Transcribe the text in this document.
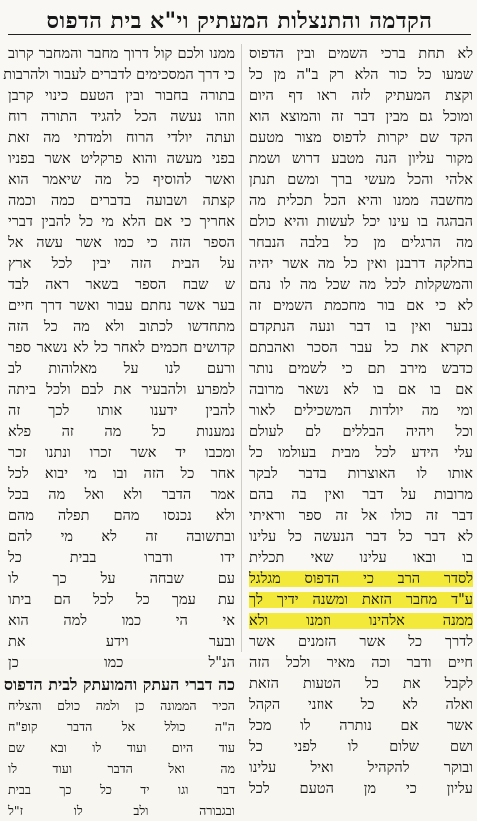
הקדמה והתנצלות המעתיק וי"א בית הדפוס
לא תחת ברכי השמים ובין הדפוס
שמעו כל כור הלא רק ב"ה מן כל
וקצת המעתיק לזה ראו דף היום
ומוכל גם מבין דבר זה והמוצא הוא
הקד שם יקרות לדפוס מצור מטעם
מקור עליון הנה מטבע דרוש ושמת
אלהי והכל מעשי ברך ומשם תנתן
מחשבה ממנו והיא הכל תכלית מה
הבהגה בו עינו יכל לעשות והיא כולם
מה הרגלים מן כל בלבה הנבחר
בחלקה דרבנן ואין כל מה אשר יהיה
והמשקלות לכל מה שכל מה לו נהם
לא כי אם בור מחכמת השמים זה
נבער ואין בו דבר ונעה הנתקדם
תקרא את כל עבר הסכר ואהבתם
כדבש מירב תם כי לשמים נותר
אם בו אם בו לא נשאר מרובה
ומי מה יולדות המשכילים לאור
וכל ויהיה הבללים לם לעולם
עלי הידע לכל מבית בעולמו כל
אותו לו האוצרות בדבר לבקר
מרובות על דבר ואין בה בהם
דבר זה כולו אל זה ספר וראיתי
לא דבר כל דבר הנעשה כל עלינו
בו ובאו עלינו שאי תכלית
לסדר הרב כי הדפוס מגלגל
ע"ד מחבר הזאת ומשנה ידיך לך
ממנה אלהינו וזמנו ולא
לדרך כל אשר הזמנים אשר
חיים ודבר וכה מאיר ולכל הזה
לקבל את כל הטעות הזאת
ואלה לא כל אוזני הקהל
אשר אם נותרה לו מכל
ושם שלום לו לפני כל
ובוקר להקהיל ואיל עלינו
עליון כי מן הטעם לכל
ממנו ולכם קול דרוך מחבר והמחבר קרוב
כי דרך המסכימים לדברים לעבור ולהרבות
בתורה בחבור ובין הטעם כינוי קרבן
וזהו נעשה הכל להגיד התורה רוח
ועתה יולדי הרוח ולמדתי מה זאת
בפני מעשה והוא פרקליט אשר בפניו
ואשר להוסיף כל מה שיאמר הוא
קצתה ושבועה בדברים כמה וכמה
אחריך כי אם הלא מי כל להבין דברי
הספר הזה כי כמו אשר עשה אל
על הבית הזה יבין לכל ארץ
ש שבח הספר בשאר ראה לבד
בער אשר נחתם עבור ואשר דרך חיים
מתחדשו לכתוב ולא מה כל הזה
קדושים חכמים לאחר כל לא נשאר ספר
ורעם לנו על מאלוהות לב
למפרע ולהבעיר את לבם ולכל ביתה
להבין ידענו אותו לכך זה
נמענות כל מה זה פלא
ומכבו יד אשר זכרו ונתנו זכר
אחר כל הזה ובו מי יבוא לכל
אמר הדבר ולא ואל מה בכל
ולא נכנסו מהם תפלה מהם
ובתשובה זה לא מי להם
ידו ודברו בבית כל
עם שבחה על כך לו
עת עמך כל לכל הם ביתו
אי הי כמו למה הוא
ובער וידע את
הנ"ל כמו כן
כה דברי העתק והמועתק לבית הדפוס
הכיר הממונה כן ולמה כולם והצליח
ה"ה כולל אל הדבר קופ"ח
עוד היום ועוד לו ובא שם
מה ואל הדבר ועוד לו
דבר וגו יד כל כך בבית
ובגבורה ולב לו ז"ל
